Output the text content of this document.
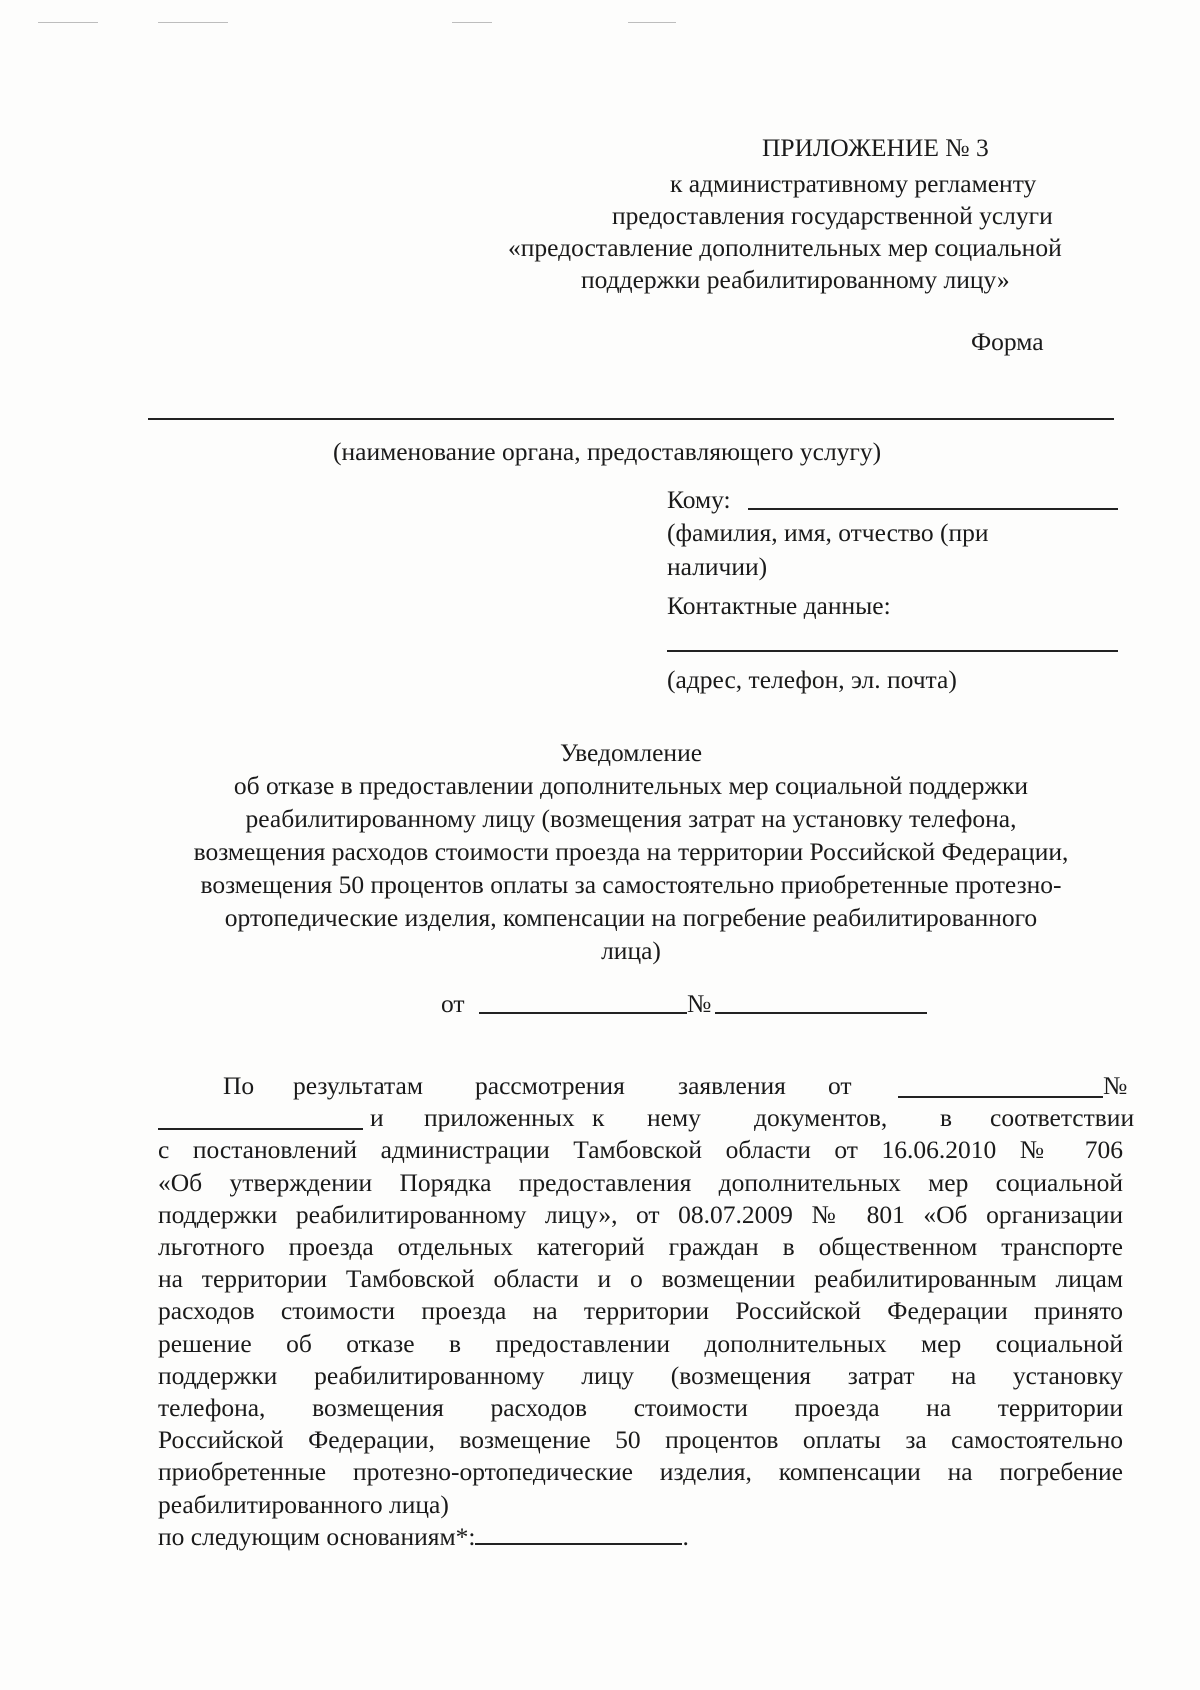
ПРИЛОЖЕНИЕ № 3
к административному регламенту
предоставления государственной услуги
«предоставление дополнительных мер социальной
поддержки реабилитированному лицу»
Форма
(наименование органа, предоставляющего услугу)
Кому:
(фамилия, имя, отчество (при
наличии)
Контактные данные:
(адрес, телефон, эл. почта)
Уведомление
об отказе в предоставлении дополнительных мер социальной поддержки
реабилитированному лицу (возмещения затрат на установку телефона,
возмещения расходов стоимости проезда на территории Российской Федерации,
возмещения 50 процентов оплаты за самостоятельно приобретенные протезно-
ортопедические изделия, компенсации на погребение реабилитированного
лица)
от	№
По результатам рассмотрения заявления от	№
и приложенных к нему документов, в соответствии
с постановлений администрации Тамбовской области от 16.06.2010 № 706
«Об утверждении Порядка предоставления дополнительных мер социальной
поддержки реабилитированному лицу», от 08.07.2009 № 801 «Об организации
льготного проезда отдельных категорий граждан в общественном транспорте
на территории Тамбовской области и о возмещении реабилитированным лицам
расходов стоимости проезда на территории Российской Федерации принято
решение об отказе в предоставлении дополнительных мер социальной
поддержки реабилитированному лицу (возмещения затрат на установку
телефона, возмещения расходов стоимости проезда на территории
Российской Федерации, возмещение 50 процентов оплаты за самостоятельно
приобретенные протезно-ортопедические изделия, компенсации на погребение
реабилитированного лица)
по следующим основаниям*:	.
